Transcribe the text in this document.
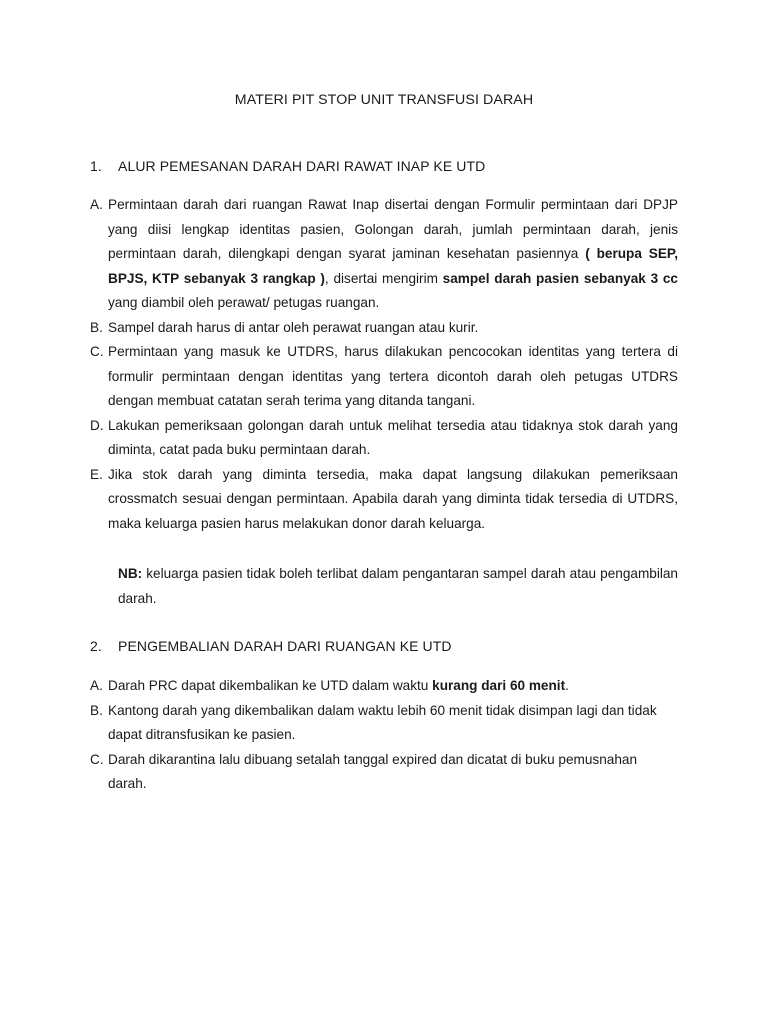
MATERI PIT STOP UNIT TRANSFUSI DARAH
1.	ALUR PEMESANAN DARAH DARI RAWAT INAP KE UTD
A. Permintaan darah dari ruangan Rawat Inap disertai dengan Formulir permintaan dari DPJP yang diisi lengkap identitas pasien, Golongan darah, jumlah permintaan darah, jenis permintaan darah, dilengkapi dengan syarat jaminan kesehatan pasiennya ( berupa SEP, BPJS, KTP sebanyak 3 rangkap ), disertai mengirim sampel darah pasien sebanyak 3 cc yang diambil oleh perawat/ petugas ruangan.
B. Sampel darah harus di antar oleh perawat ruangan atau kurir.
C. Permintaan yang masuk ke UTDRS, harus dilakukan pencocokan identitas yang tertera di formulir permintaan dengan identitas yang tertera dicontoh darah oleh petugas UTDRS dengan membuat catatan serah terima yang ditanda tangani.
D. Lakukan pemeriksaan golongan darah untuk melihat tersedia atau tidaknya stok darah yang diminta, catat pada buku permintaan darah.
E. Jika stok darah yang diminta tersedia, maka dapat langsung dilakukan pemeriksaan crossmatch sesuai dengan permintaan. Apabila darah yang diminta tidak tersedia di UTDRS, maka keluarga pasien harus melakukan donor darah keluarga.
NB: keluarga pasien tidak boleh terlibat dalam pengantaran sampel darah atau pengambilan darah.
2.	PENGEMBALIAN DARAH DARI RUANGAN KE UTD
A. Darah PRC dapat dikembalikan ke UTD dalam waktu kurang dari 60 menit.
B. Kantong darah yang dikembalikan dalam waktu lebih 60 menit tidak disimpan lagi dan tidak dapat ditransfusikan ke pasien.
C. Darah dikarantina lalu dibuang setalah tanggal expired dan dicatat di buku pemusnahan darah.
